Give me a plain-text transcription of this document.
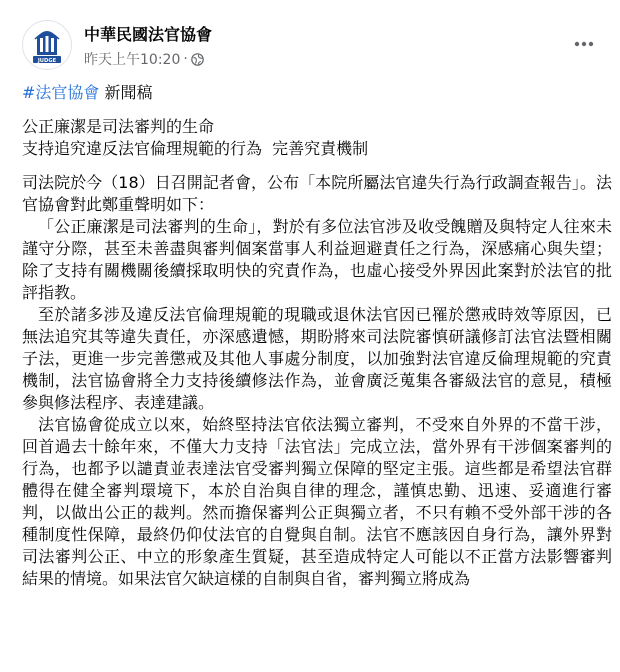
JUDGE
中華民國法官協會
昨天上午10:20 ·

#法官協會 新聞稿

公正廉潔是司法審判的生命

支持追究違反法官倫理規範的行為  完善究責機制

司法院於今（18）日召開記者會，公布「本院所屬法官違失行為行政調查報告」。法官協會對此鄭重聲明如下：

「公正廉潔是司法審判的生命」，對於有多位法官涉及收受餽贈及與特定人往來未謹守分際，甚至未善盡與審判個案當事人利益迴避責任之行為，深感痛心與失望；除了支持有關機關後續採取明快的究責作為，也虛心接受外界因此案對於法官的批評指教。

至於諸多涉及違反法官倫理規範的現職或退休法官因已罹於懲戒時效等原因，已無法追究其等違失責任，亦深感遺憾，期盼將來司法院審慎研議修訂法官法暨相關子法，更進一步完善懲戒及其他人事處分制度，以加強對法官違反倫理規範的究責機制，法官協會將全力支持後續修法作為，並會廣泛蒐集各審級法官的意見，積極參與修法程序、表達建議。

法官協會從成立以來，始終堅持法官依法獨立審判，不受來自外界的不當干涉，回首過去十餘年來，不僅大力支持「法官法」完成立法，當外界有干涉個案審判的行為，也都予以譴責並表達法官受審判獨立保障的堅定主張。這些都是希望法官群體得在健全審判環境下，本於自治與自律的理念，謹慎忠勤、迅速、妥適進行審判，以做出公正的裁判。然而擔保審判公正與獨立者，不只有賴不受外部干涉的各種制度性保障，最終仍仰仗法官的自覺與自制。法官不應該因自身行為，讓外界對司法審判公正、中立的形象產生質疑，甚至造成特定人可能以不正當方法影響審判結果的情境。如果法官欠缺這樣的自制與自省，審判獨立將成為
